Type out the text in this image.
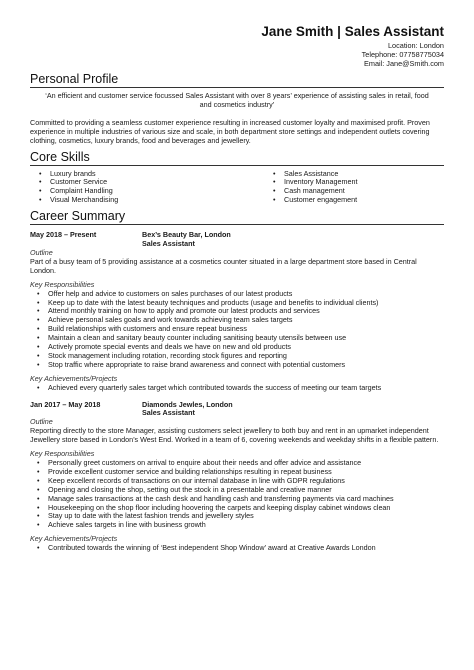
Jane Smith | Sales Assistant
Location: London
Telephone: 07758775034
Email: Jane@Smith.com
Personal Profile
‘An efficient and customer service focussed Sales Assistant with over 8 years’ experience of assisting sales in retail, food and cosmetics industry’

Committed to providing a seamless customer experience resulting in increased customer loyalty and maximised profit. Proven experience in multiple industries of various size and scale, in both department store settings and independent outlets covering clothing, cosmetics, luxury brands, food and beverages and jewellery.

Core Skills
• Luxury brands
• Customer Service
• Complaint Handling
• Visual Merchandising
• Sales Assistance
• Inventory Management
• Cash management
• Customer engagement
Career Summary
May 2018 – Present	Bex’s Beauty Bar, London
Sales Assistant
Outline
Part of a busy team of 5 providing assistance at a cosmetics counter situated in a large department store based in Central London.
Key Responsibilities
• Offer help and advice to customers on sales purchases of our latest products
• Keep up to date with the latest beauty techniques and products (usage and benefits to individual clients)
• Attend monthly training on how to apply and promote our latest products and services
• Achieve personal sales goals and work towards achieving team sales targets
• Build relationships with customers and ensure repeat business
• Maintain a clean and sanitary beauty counter including sanitising beauty utensils between use
• Actively promote special events and deals we have on new and old products
• Stock management including rotation, recording stock figures and reporting
• Stop traffic where appropriate to raise brand awareness and connect with potential customers
Key Achievements/Projects
• Achieved every quarterly sales target which contributed towards the success of meeting our team targets
Jan 2017 – May 2018	Diamonds Jewles, London
Sales Assistant
Outline
Reporting directly to the store Manager, assisting customers select jewellery to both buy and rent in an upmarket independent Jewellery store based in London’s West End. Worked in a team of 6, covering weekends and weekday shifts in a flexible pattern.
Key Responsibilities
• Personally greet customers on arrival to enquire about their needs and offer advice and assistance
• Provide excellent customer service and building relationships resulting in repeat business
• Keep excellent records of transactions on our internal database in line with GDPR regulations
• Opening and closing the shop, setting out the stock in a presentable and creative manner
• Manage sales transactions at the cash desk and handling cash and transferring payments via card machines
• Housekeeping on the shop floor including hoovering the carpets and keeping display cabinet windows clean
• Stay up to date with the latest fashion trends and jewellery styles
• Achieve sales targets in line with business growth
Key Achievements/Projects
• Contributed towards the winning of ‘Best independent Shop Window’ award at Creative Awards London
